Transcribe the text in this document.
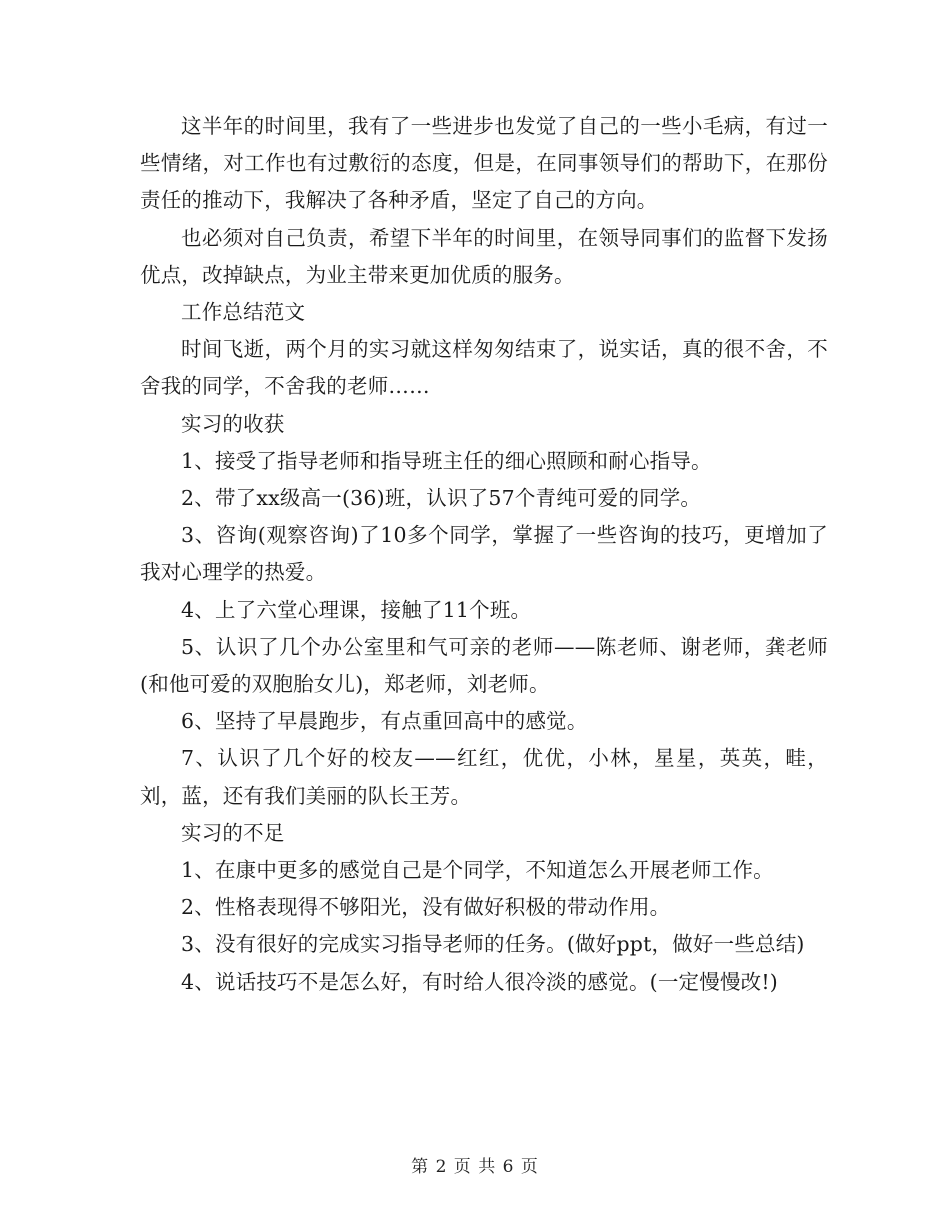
这半年的时间里，我有了一些进步也发觉了自己的一些小毛病，有过一些情绪，对工作也有过敷衍的态度，但是，在同事领导们的帮助下，在那份责任的推动下，我解决了各种矛盾，坚定了自己的方向。

也必须对自己负责，希望下半年的时间里，在领导同事们的监督下发扬优点，改掉缺点，为业主带来更加优质的服务。

工作总结范文

时间飞逝，两个月的实习就这样匆匆结束了，说实话，真的很不舍，不舍我的同学，不舍我的老师……

实习的收获

1、接受了指导老师和指导班主任的细心照顾和耐心指导。

2、带了xx级高一(36)班，认识了57个青纯可爱的同学。

3、咨询(观察咨询)了10多个同学，掌握了一些咨询的技巧，更增加了我对心理学的热爱。

4、上了六堂心理课，接触了11个班。

5、认识了几个办公室里和气可亲的老师——陈老师、谢老师，龚老师(和他可爱的双胞胎女儿)，郑老师，刘老师。

6、坚持了早晨跑步，有点重回高中的感觉。

7、认识了几个好的校友——红红，优优，小林，星星，英英，畦，刘，蓝，还有我们美丽的队长王芳。

实习的不足

1、在康中更多的感觉自己是个同学，不知道怎么开展老师工作。

2、性格表现得不够阳光，没有做好积极的带动作用。

3、没有很好的完成实习指导老师的任务。(做好ppt，做好一些总结)

4、说话技巧不是怎么好，有时给人很冷淡的感觉。(一定慢慢改!)

第 2 页 共 6 页
